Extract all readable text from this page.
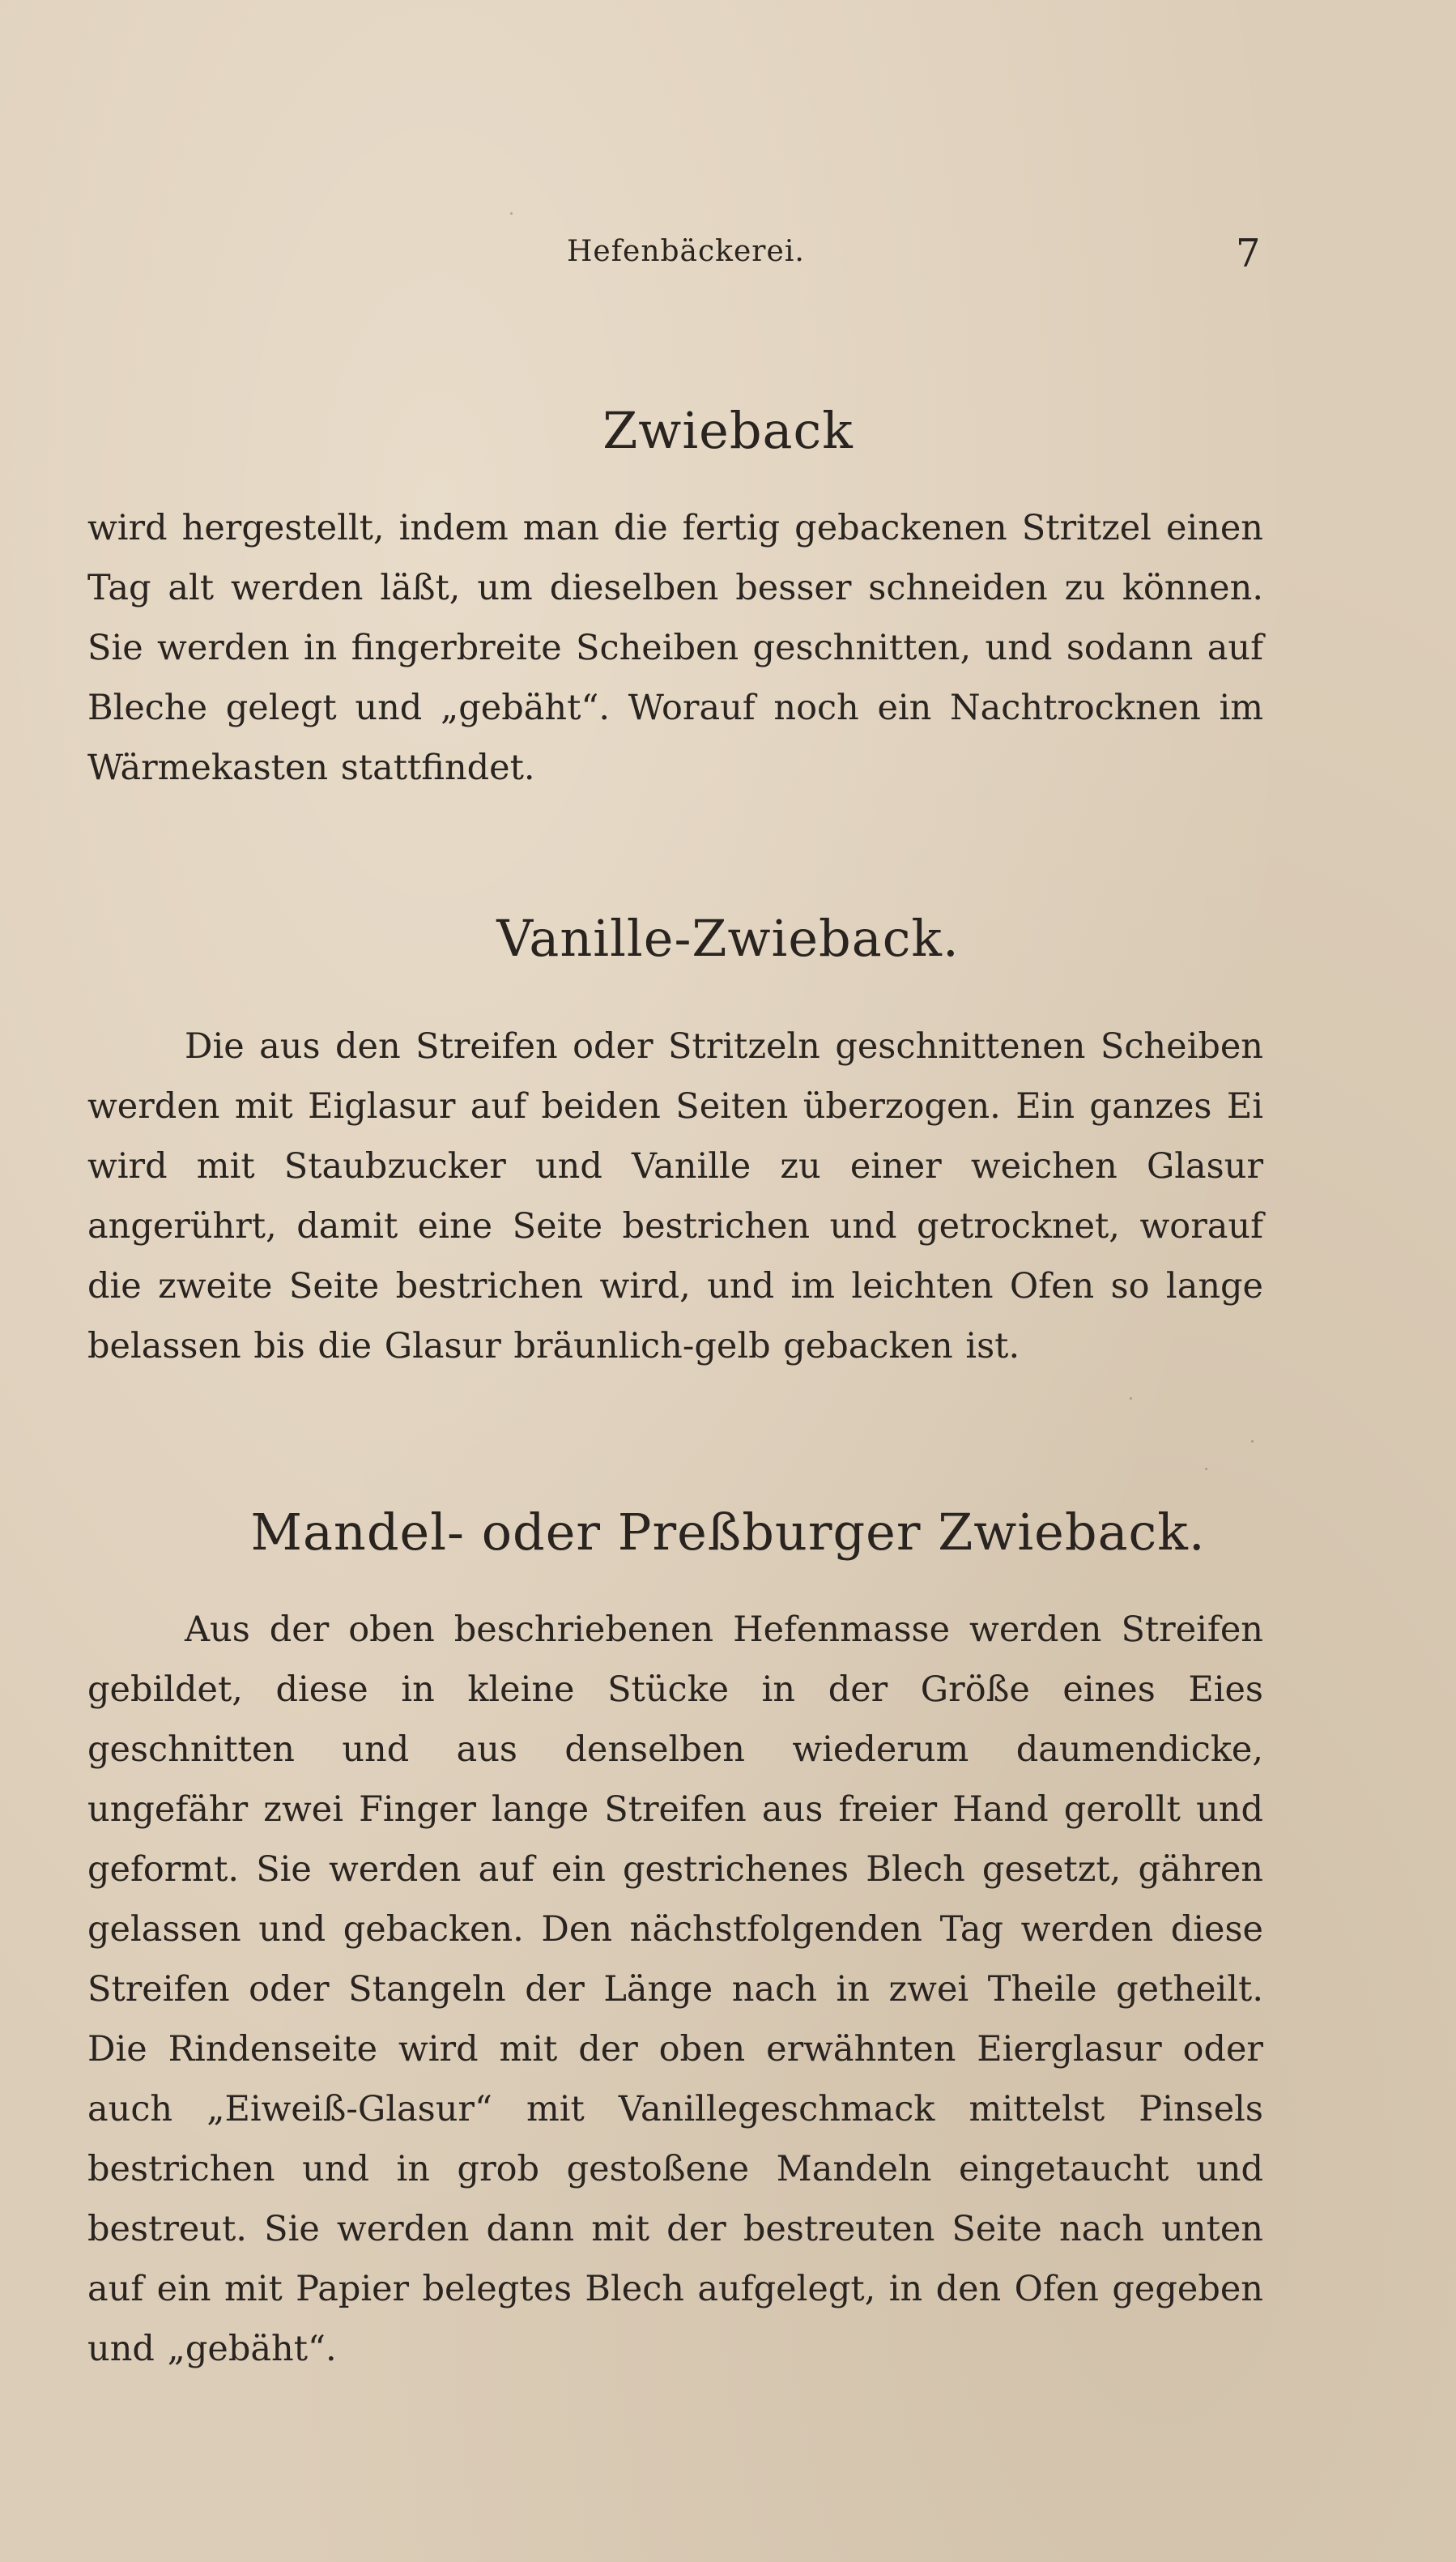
Hefenbäckerei.	7
Zwieback
wird hergestellt, indem man die fertig gebackenen Stritzel einen Tag alt werden läßt, um dieselben besser schneiden zu können. Sie werden in fingerbreite Scheiben geschnitten, und sodann auf Bleche gelegt und „gebäht“. Worauf noch ein Nachtrocknen im Wärmekasten stattfindet.
Vanille-Zwieback.
Die aus den Streifen oder Stritzeln geschnittenen Scheiben werden mit Eiglasur auf beiden Seiten überzogen. Ein ganzes Ei wird mit Staubzucker und Vanille zu einer weichen Glasur angerührt, damit eine Seite bestrichen und getrocknet, worauf die zweite Seite bestrichen wird, und im leichten Ofen so lange belassen bis die Glasur bräunlich-gelb gebacken ist.
Mandel- oder Preßburger Zwieback.
Aus der oben beschriebenen Hefenmasse werden Streifen gebildet, diese in kleine Stücke in der Größe eines Eies geschnitten und aus denselben wiederum daumendicke, ungefähr zwei Finger lange Streifen aus freier Hand gerollt und geformt. Sie werden auf ein gestrichenes Blech gesetzt, gähren gelassen und gebacken. Den nächstfolgenden Tag werden diese Streifen oder Stangeln der Länge nach in zwei Theile getheilt. Die Rindenseite wird mit der oben erwähnten Eierglasur oder auch „Eiweiß-Glasur“ mit Vanillegeschmack mittelst Pinsels bestrichen und in grob gestoßene Mandeln eingetaucht und bestreut. Sie werden dann mit der bestreuten Seite nach unten auf ein mit Papier belegtes Blech aufgelegt, in den Ofen gegeben und „gebäht“.
